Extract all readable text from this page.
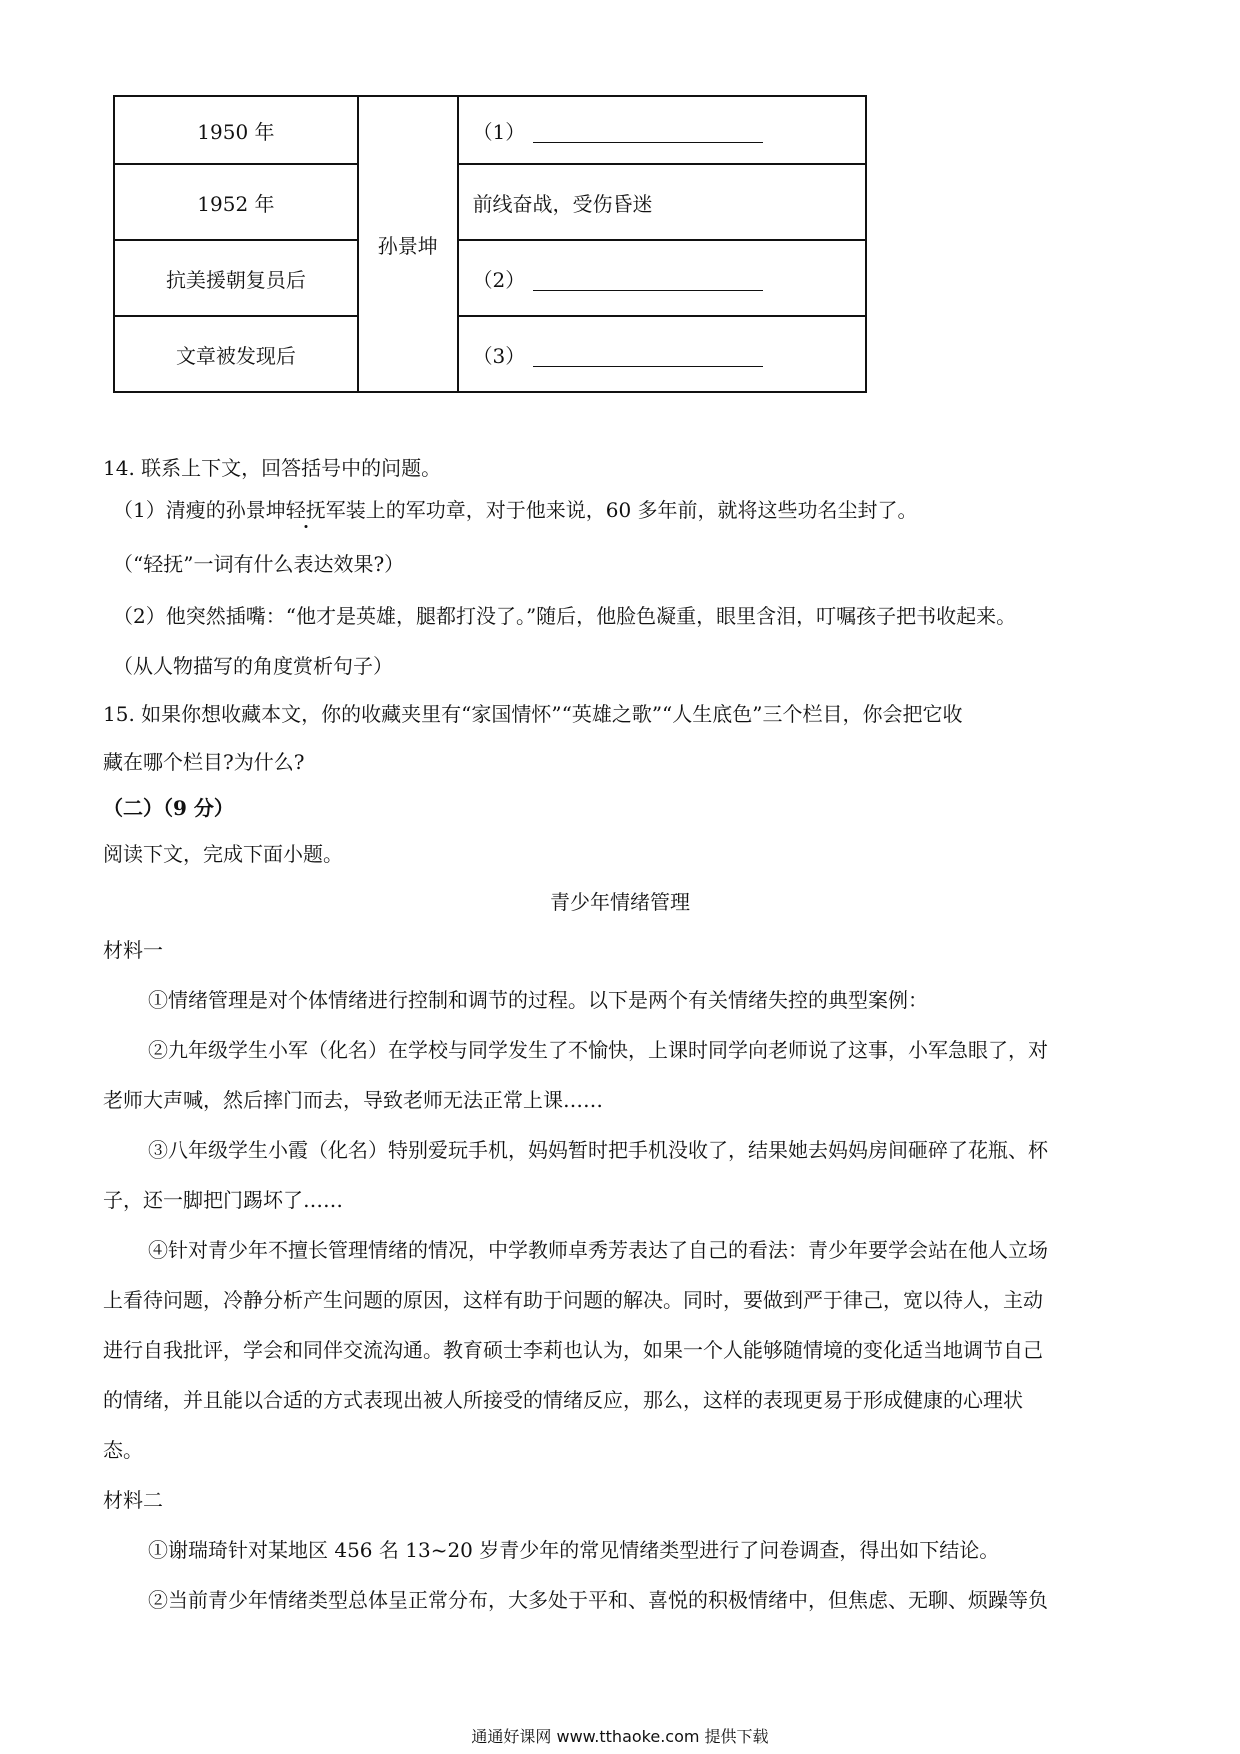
1950 年	孙景坤	（1）
1952 年		前线奋战，受伤昏迷
抗美援朝复员后		（2）
文章被发现后		（3）
14. 联系上下文，回答括号中的问题。
（1）清瘦的孙景坤轻抚军装上的军功章，对于他来说，60 多年前，就将这些功名尘封了。
（“轻抚”一词有什么表达效果?）
（2）他突然插嘴：“他才是英雄，腿都打没了。”随后，他脸色凝重，眼里含泪，叮嘱孩子把书收起来。
（从人物描写的角度赏析句子）
15. 如果你想收藏本文，你的收藏夹里有“家国情怀”“英雄之歌”“人生底色”三个栏目，你会把它收
藏在哪个栏目?为什么?
（二）（9 分）
阅读下文，完成下面小题。
青少年情绪管理
材料一
①情绪管理是对个体情绪进行控制和调节的过程。以下是两个有关情绪失控的典型案例：
②九年级学生小军（化名）在学校与同学发生了不愉快，上课时同学向老师说了这事，小军急眼了，对
老师大声喊，然后摔门而去，导致老师无法正常上课……
③八年级学生小霞（化名）特别爱玩手机，妈妈暂时把手机没收了，结果她去妈妈房间砸碎了花瓶、杯
子，还一脚把门踢坏了……
④针对青少年不擅长管理情绪的情况，中学教师卓秀芳表达了自己的看法：青少年要学会站在他人立场
上看待问题，冷静分析产生问题的原因，这样有助于问题的解决。同时，要做到严于律己，宽以待人，主动
进行自我批评，学会和同伴交流沟通。教育硕士李莉也认为，如果一个人能够随情境的变化适当地调节自己
的情绪，并且能以合适的方式表现出被人所接受的情绪反应，那么，这样的表现更易于形成健康的心理状
态。
材料二
①谢瑞琦针对某地区 456 名 13~20 岁青少年的常见情绪类型进行了问卷调查，得出如下结论。
②当前青少年情绪类型总体呈正常分布，大多处于平和、喜悦的积极情绪中，但焦虑、无聊、烦躁等负
通通好课网 www.tthaoke.com 提供下载
